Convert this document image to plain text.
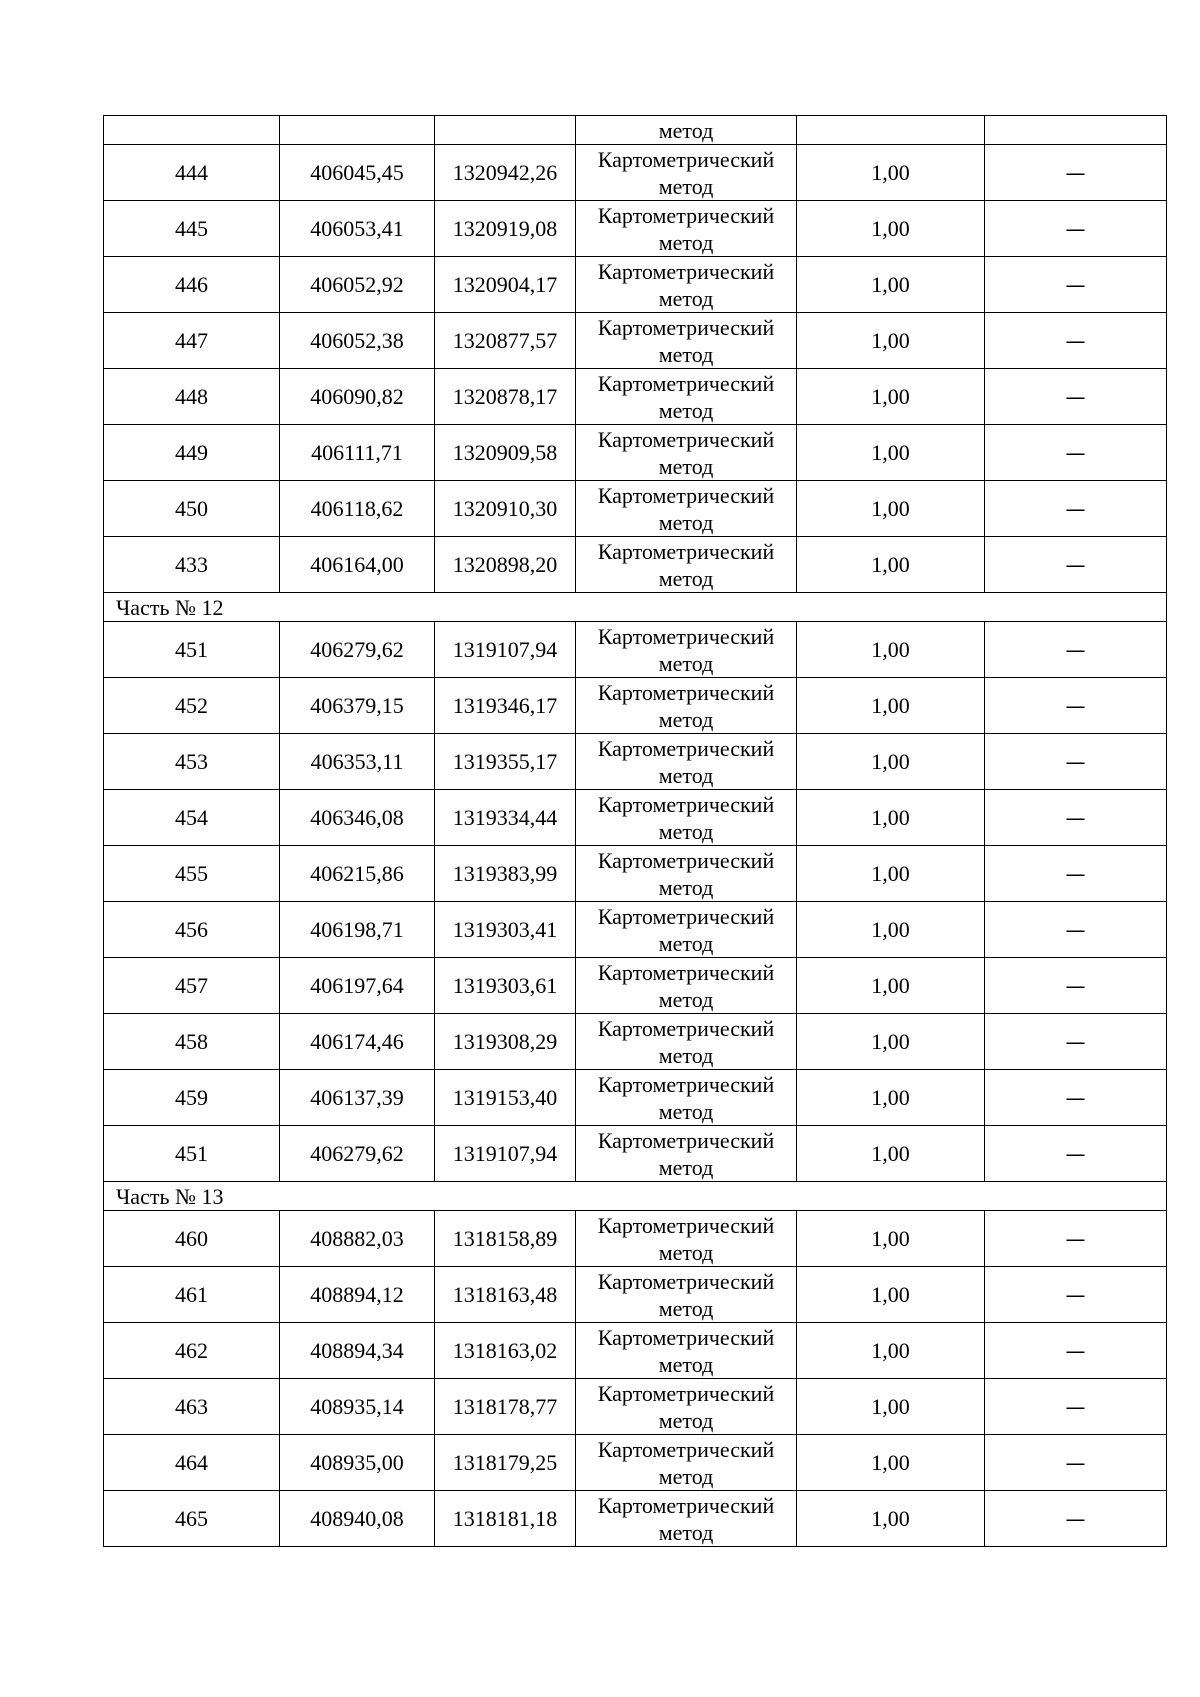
			метод		
444	406045,45	1320942,26	Картометрический метод	1,00	—
445	406053,41	1320919,08	Картометрический метод	1,00	—
446	406052,92	1320904,17	Картометрический метод	1,00	—
447	406052,38	1320877,57	Картометрический метод	1,00	—
448	406090,82	1320878,17	Картометрический метод	1,00	—
449	406111,71	1320909,58	Картометрический метод	1,00	—
450	406118,62	1320910,30	Картометрический метод	1,00	—
433	406164,00	1320898,20	Картометрический метод	1,00	—
Часть № 12					
451	406279,62	1319107,94	Картометрический метод	1,00	—
452	406379,15	1319346,17	Картометрический метод	1,00	—
453	406353,11	1319355,17	Картометрический метод	1,00	—
454	406346,08	1319334,44	Картометрический метод	1,00	—
455	406215,86	1319383,99	Картометрический метод	1,00	—
456	406198,71	1319303,41	Картометрический метод	1,00	—
457	406197,64	1319303,61	Картометрический метод	1,00	—
458	406174,46	1319308,29	Картометрический метод	1,00	—
459	406137,39	1319153,40	Картометрический метод	1,00	—
451	406279,62	1319107,94	Картометрический метод	1,00	—
Часть № 13					
460	408882,03	1318158,89	Картометрический метод	1,00	—
461	408894,12	1318163,48	Картометрический метод	1,00	—
462	408894,34	1318163,02	Картометрический метод	1,00	—
463	408935,14	1318178,77	Картометрический метод	1,00	—
464	408935,00	1318179,25	Картометрический метод	1,00	—
465	408940,08	1318181,18	Картометрический метод	1,00	—
